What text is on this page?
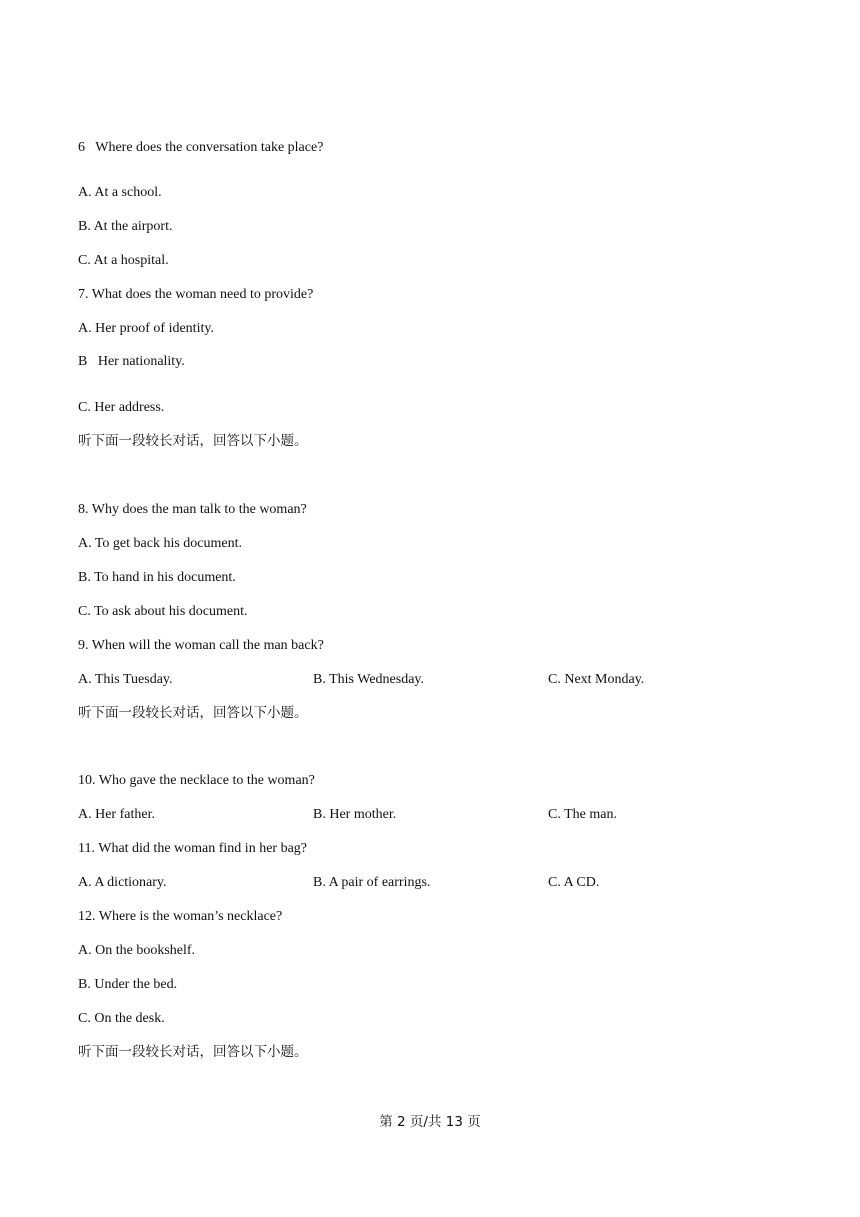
6   Where does the conversation take place?
A. At a school.
B. At the airport.
C. At a hospital.
7. What does the woman need to provide?
A. Her proof of identity.
B   Her nationality.
C. Her address.
听下面一段较长对话，回答以下小题。
8. Why does the man talk to the woman?
A. To get back his document.
B. To hand in his document.
C. To ask about his document.
9. When will the woman call the man back?
A. This Tuesday.	B. This Wednesday.	C. Next Monday.
听下面一段较长对话，回答以下小题。
10. Who gave the necklace to the woman?
A. Her father.	B. Her mother.	C. The man.
11. What did the woman find in her bag?
A. A dictionary.	B. A pair of earrings.	C. A CD.
12. Where is the woman’s necklace?
A. On the bookshelf.
B. Under the bed.
C. On the desk.
听下面一段较长对话，回答以下小题。
第 2 页/共 13 页
